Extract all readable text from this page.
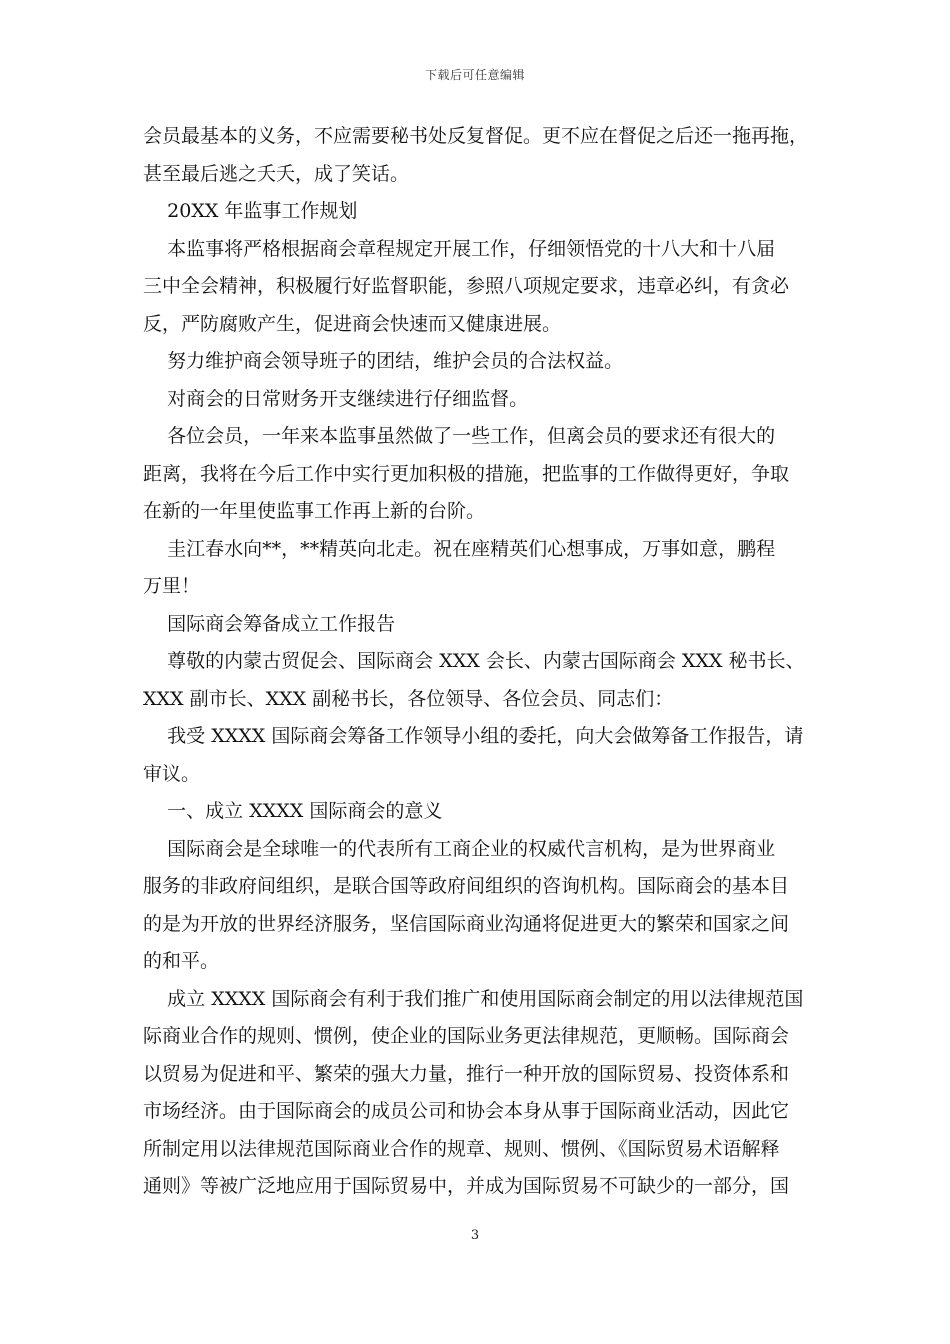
下载后可任意编辑

会员最基本的义务，不应需要秘书处反复督促。更不应在督促之后还一拖再拖，

甚至最后逃之夭夭，成了笑话。

20XX 年监事工作规划

本监事将严格根据商会章程规定开展工作，仔细领悟党的十八大和十八届

三中全会精神，积极履行好监督职能，参照八项规定要求，违章必纠，有贪必

反，严防腐败产生，促进商会快速而又健康进展。

努力维护商会领导班子的团结，维护会员的合法权益。

对商会的日常财务开支继续进行仔细监督。

各位会员，一年来本监事虽然做了一些工作，但离会员的要求还有很大的

距离，我将在今后工作中实行更加积极的措施，把监事的工作做得更好，争取

在新的一年里使监事工作再上新的台阶。

圭江春水向**，**精英向北走。祝在座精英们心想事成，万事如意，鹏程

万里！

国际商会筹备成立工作报告

尊敬的内蒙古贸促会、国际商会 XXX 会长、内蒙古国际商会 XXX 秘书长、

XXX 副市长、XXX 副秘书长，各位领导、各位会员、同志们：

我受 XXXX 国际商会筹备工作领导小组的委托，向大会做筹备工作报告，请

审议。

一、成立 XXXX 国际商会的意义

国际商会是全球唯一的代表所有工商企业的权威代言机构，是为世界商业

服务的非政府间组织，是联合国等政府间组织的咨询机构。国际商会的基本目

的是为开放的世界经济服务，坚信国际商业沟通将促进更大的繁荣和国家之间

的和平。

成立 XXXX 国际商会有利于我们推广和使用国际商会制定的用以法律规范国

际商业合作的规则、惯例，使企业的国际业务更法律规范，更顺畅。国际商会

以贸易为促进和平、繁荣的强大力量，推行一种开放的国际贸易、投资体系和

市场经济。由于国际商会的成员公司和协会本身从事于国际商业活动，因此它

所制定用以法律规范国际商业合作的规章、规则、惯例、《国际贸易术语解释

通则》等被广泛地应用于国际贸易中，并成为国际贸易不可缺少的一部分，国

3
